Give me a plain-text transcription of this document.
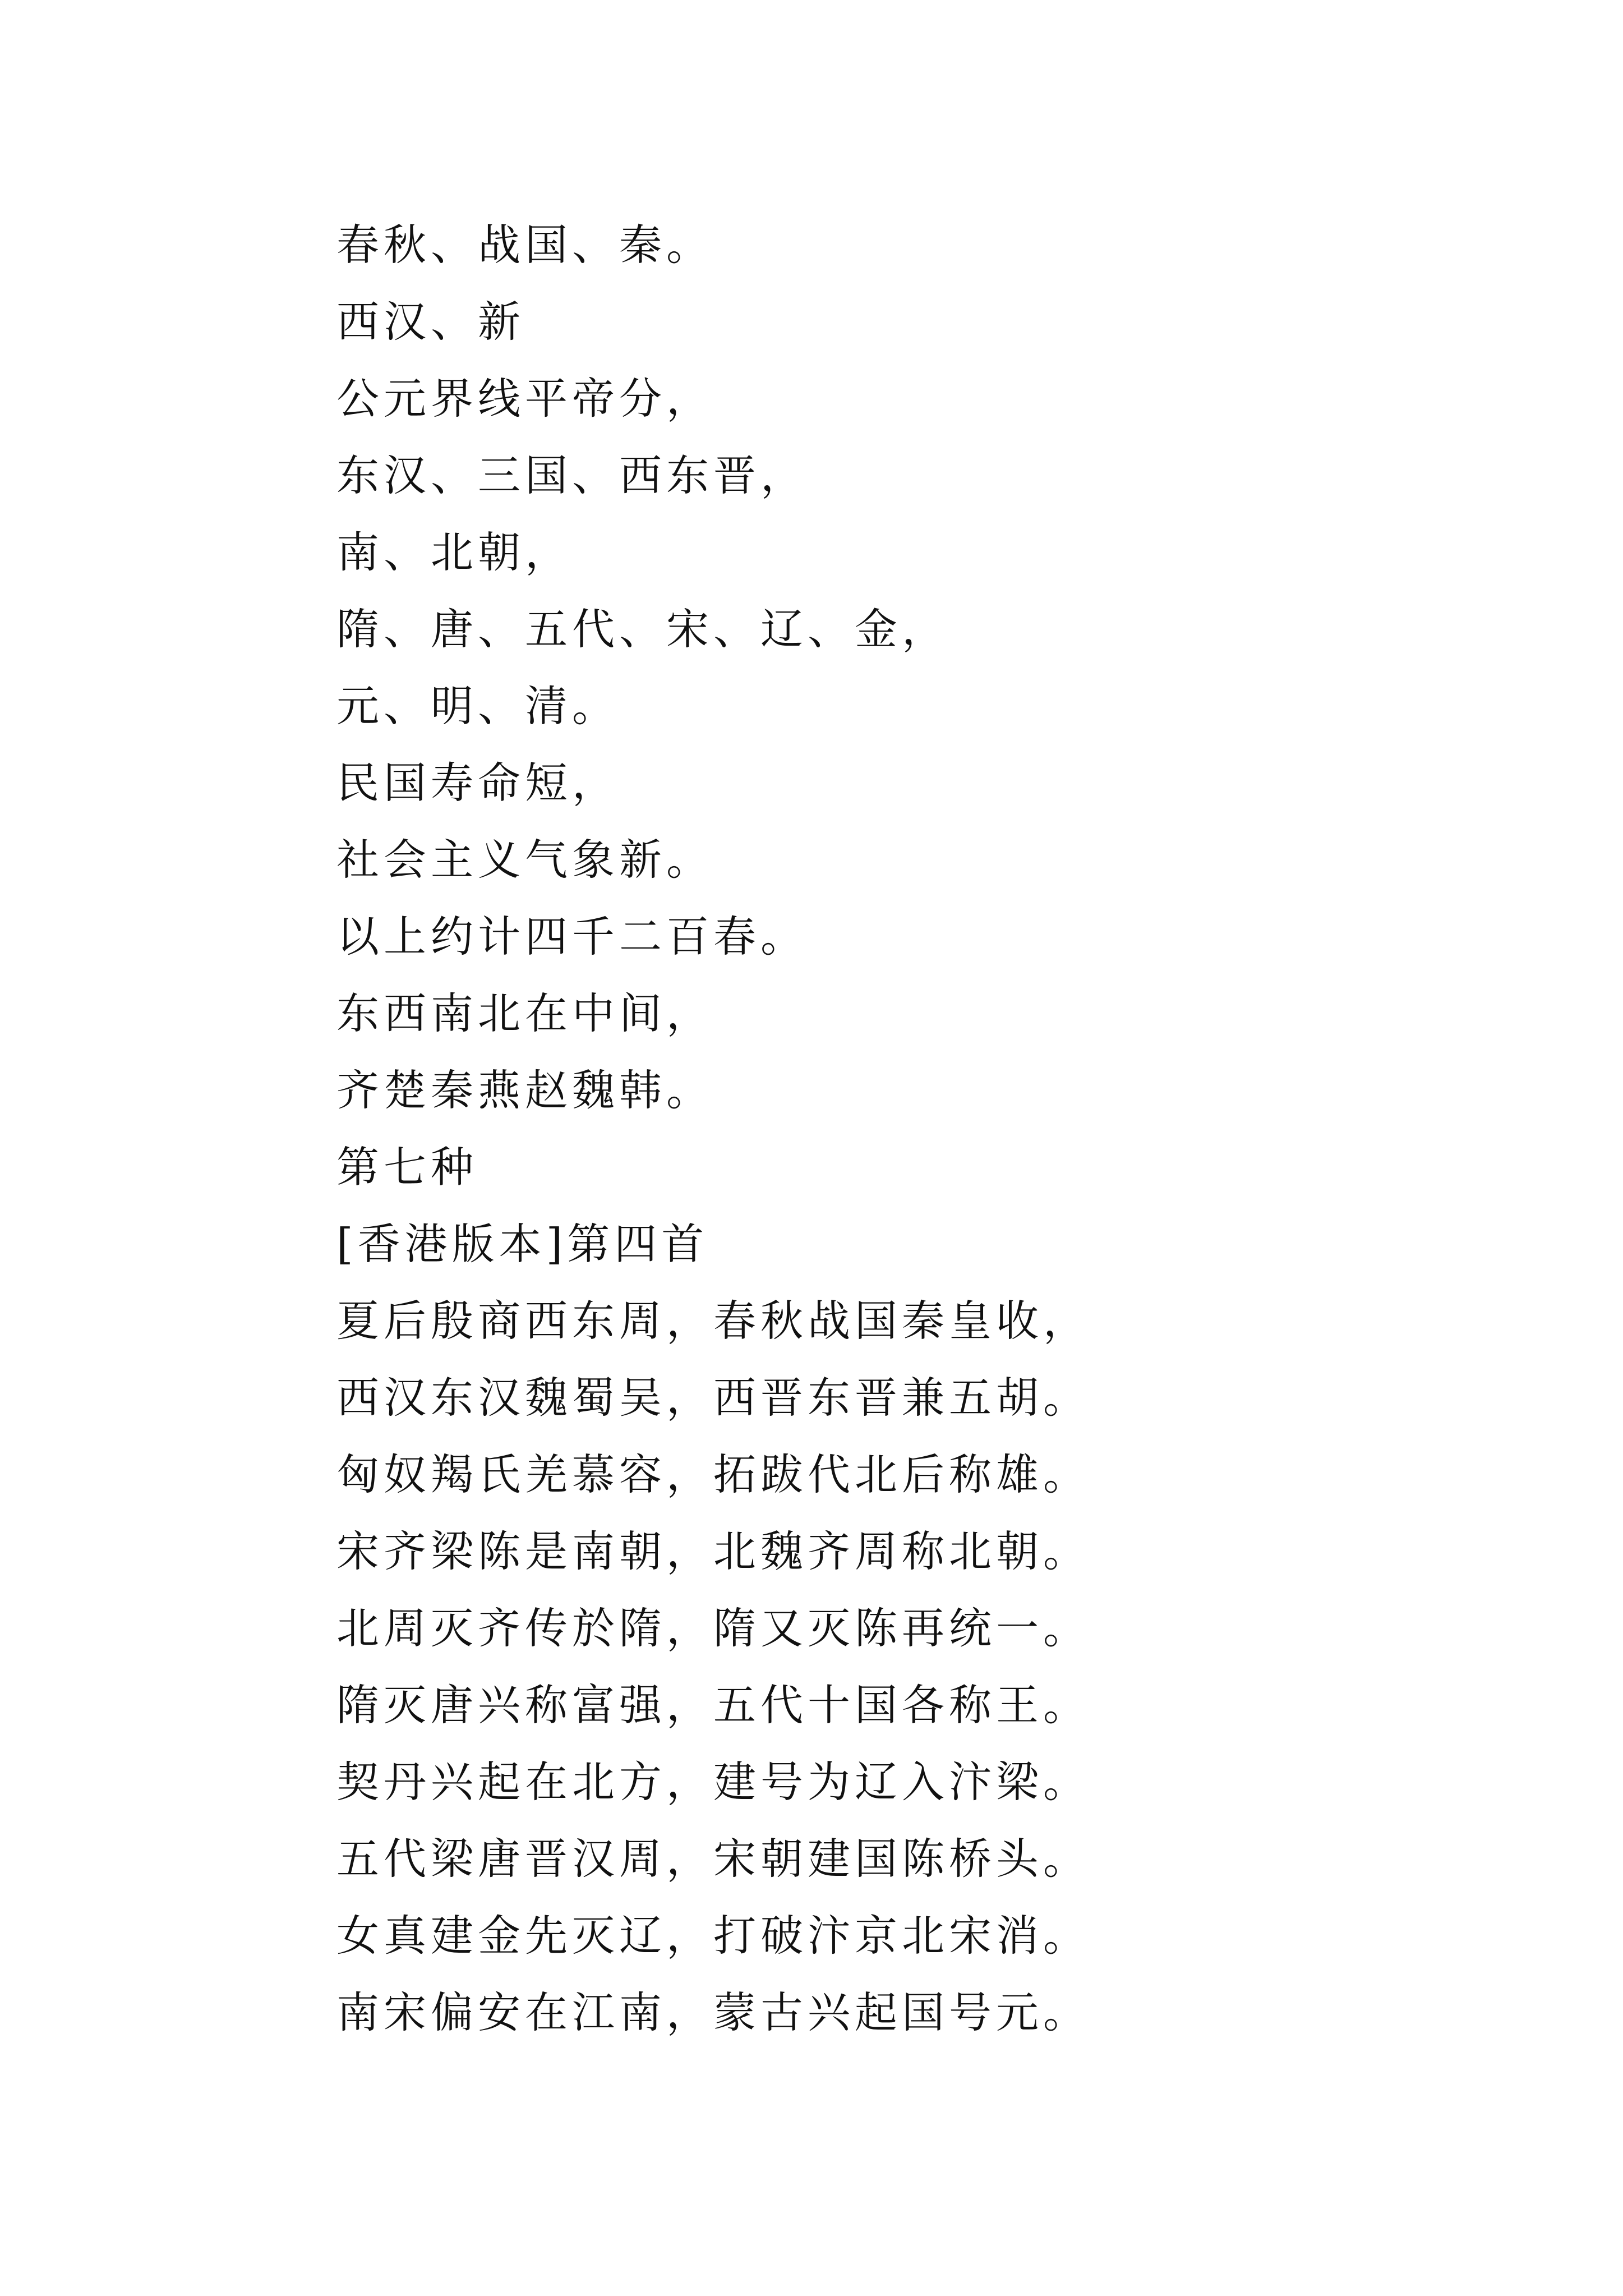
春秋、战国、秦。
西汉、新
公元界线平帝分，
东汉、三国、西东晋，
南、北朝，
隋、唐、五代、宋、辽、金，
元、明、清。
民国寿命短，
社会主义气象新。
以上约计四千二百春。
东西南北在中间，
齐楚秦燕赵魏韩。
第七种
[香港版本]第四首
夏后殷商西东周，春秋战国秦皇收，
西汉东汉魏蜀吴，西晋东晋兼五胡。
匈奴羯氏羌慕容，拓跋代北后称雄。
宋齐梁陈是南朝，北魏齐周称北朝。
北周灭齐传於隋，隋又灭陈再统一。
隋灭唐兴称富强，五代十国各称王。
契丹兴起在北方，建号为辽入汴梁。
五代梁唐晋汉周，宋朝建国陈桥头。
女真建金先灭辽，打破汴京北宋消。
南宋偏安在江南，蒙古兴起国号元。
